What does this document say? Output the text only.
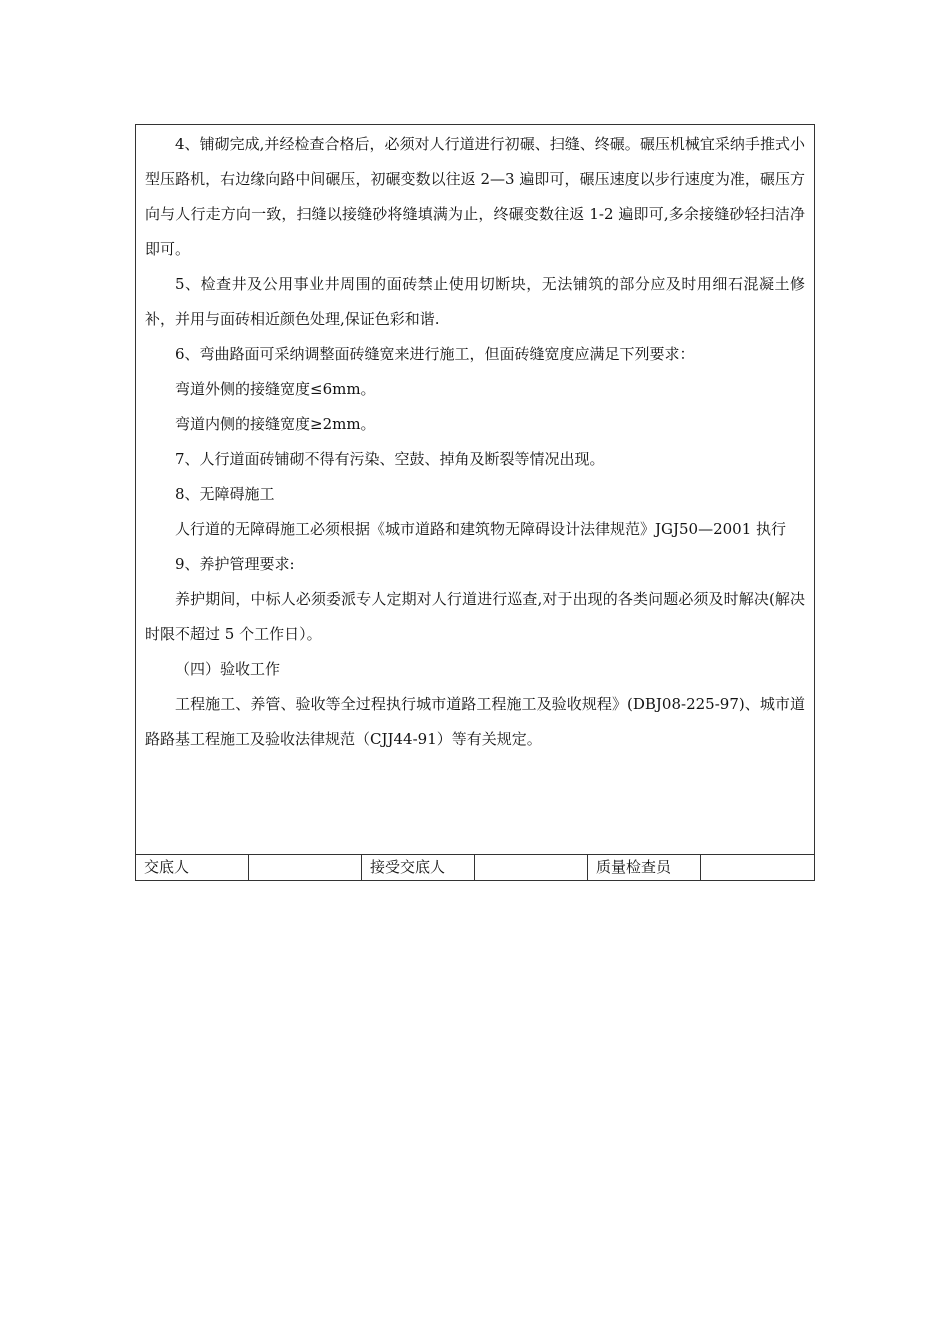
4、铺砌完成,并经检查合格后，必须对人行道进行初碾、扫缝、终碾。碾压机械宜采纳手推式小型压路机，右边缘向路中间碾压，初碾变数以往返 2—3 遍即可，碾压速度以步行速度为准，碾压方向与人行走方向一致，扫缝以接缝砂将缝填满为止，终碾变数往返 1-2 遍即可,多余接缝砂轻扫洁净即可。

5、检查井及公用事业井周围的面砖禁止使用切断块，无法铺筑的部分应及时用细石混凝土修补，并用与面砖相近颜色处理,保证色彩和谐.

6、弯曲路面可采纳调整面砖缝宽来进行施工，但面砖缝宽度应满足下列要求：

弯道外侧的接缝宽度≤6mm。

弯道内侧的接缝宽度≥2mm。

7、人行道面砖铺砌不得有污染、空鼓、掉角及断裂等情况出现。

8、无障碍施工

人行道的无障碍施工必须根据《城市道路和建筑物无障碍设计法律规范》JGJ50—2001 执行

9、养护管理要求:

养护期间，中标人必须委派专人定期对人行道进行巡查,对于出现的各类问题必须及时解决(解决时限不超过 5 个工作日）。

（四）验收工作

工程施工、养管、验收等全过程执行城市道路工程施工及验收规程》(DBJ08-225-97)、城市道路路基工程施工及验收法律规范（CJJ44-91）等有关规定。

交底人	接受交底人	质量检查员
